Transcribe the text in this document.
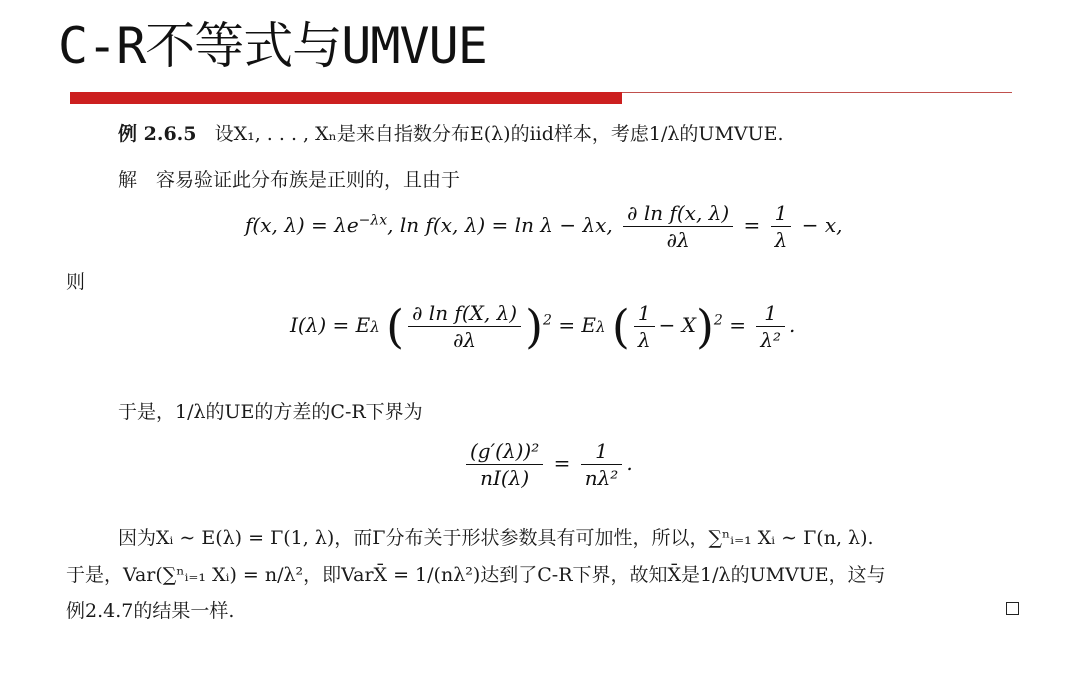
C-R不等式与UMVUE
例 2.6.5 设X₁, . . . , Xₙ是来自指数分布E(λ)的iid样本，考虑1/λ的UMVUE.
解　容易验证此分布族是正则的，且由于
f(x, $\lambda) = \lambda e^{-\lambda x}$, ln f(x, λ) = ln λ − λx, $\frac{\text{∂ ln f(x, λ)}}{\partial\lambda} = \frac{1}{\lambda} - x$,
则
I(λ) = Eλ ( $\frac{\text{∂ ln f(X, λ)}}{\partial\lambda} )^2 = E\lambda$ ( $\frac{1}{\lambda} - X)^2 = \frac{1}{\text{λ²}}$ .
于是，1/λ的UE的方差的C-R下界为
$\frac{\text{(g′(λ))²}}{nI(\lambda)} = \frac{1}{\text{nλ²}}$ .
因为Xᵢ ∼ E(λ) = Γ(1, λ)，而Γ分布关于形状参数具有可加性，所以，∑ⁿᵢ₌₁ Xᵢ ∼ Γ(n, λ).
于是，Var(∑ⁿᵢ₌₁ Xᵢ) = n/λ²，即VarX̄ = 1/(nλ²)达到了C-R下界，故知X̄是1/λ的UMVUE，这与
例2.4.7的结果一样.
